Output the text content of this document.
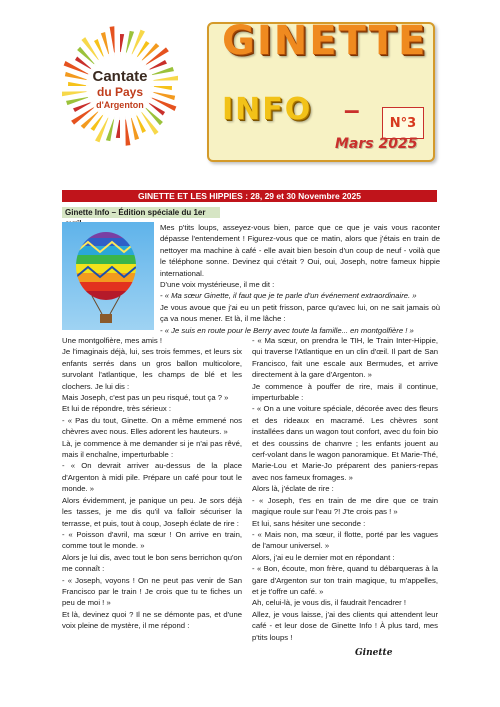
Cantate
du Pays
d'Argenton
GINETTE
INFO	–	N°3
Mars 2025
GINETTE ET LES HIPPIES : 28, 29 et 30 Novembre 2025
Ginette Info – Édition spéciale du 1er

Mes p'tits loups, asseyez-vous bien, parce que ce que je vais vous raconter dépasse l'entendement ! Figurez-vous que ce matin, alors que j'étais en train de nettoyer ma machine à café - elle avait bien besoin d'un coup de neuf - voilà que le téléphone sonne. Devinez qui c'était ? Oui, oui, Joseph, notre fameux hippie international.

D'une voix mystérieuse, il me dit :

- « Ma sœur Ginette, il faut que je te parle d'un événement extraordinaire. »

Je vous avoue que j'ai eu un petit frisson, parce qu'avec lui, on ne sait jamais où ça va nous mener. Et là, il me lâche :

- « Je suis en route pour le Berry avec toute la famille... en montgolfière ! »

Une montgolfière, mes amis !

Je l'imaginais déjà, lui, ses trois femmes, et leurs six enfants serrés dans un gros ballon multicolore, survolant l'atlantique, les champs de blé et les clochers. Je lui dis :

Mais Joseph, c'est pas un peu risqué, tout ça ? »

Et lui de répondre, très sérieux :

- « Pas du tout, Ginette. On a même emmené nos chèvres avec nous. Elles adorent les hauteurs. »

Là, je commence à me demander si je n'ai pas rêvé, mais il enchaîne, imperturbable :

- « On devrait arriver au-dessus de la place d'Argenton à midi pile. Prépare un café pour tout le monde. »

Alors évidemment, je panique un peu. Je sors déjà les tasses, je me dis qu'il va falloir sécuriser la terrasse, et puis, tout à coup, Joseph éclate de rire :

- « Poisson d'avril, ma sœur ! On arrive en train, comme tout le monde. »

Alors je lui dis, avec tout le bon sens berrichon qu'on me connaît :

- « Joseph, voyons ! On ne peut pas venir de San Francisco par le train ! Je crois que tu te fiches un peu de moi ! »

Et là, devinez quoi ? Il ne se démonte pas, et d'une voix pleine de mystère, il me répond :

- « Ma sœur, on prendra le TIH, le Train Inter-Hippie, qui traverse l'Atlantique en un clin d'œil. Il part de San Francisco, fait une escale aux Bermudes, et arrive directement à la gare d'Argenton. »

Je commence à pouffer de rire, mais il continue, imperturbable :

- « On a une voiture spéciale, décorée avec des fleurs et des rideaux en macramé. Les chèvres sont installées dans un wagon tout confort, avec du foin bio et des coussins de chanvre ; les enfants jouent au cerf-volant dans le wagon panoramique. Et Marie-Thé, Marie-Lou et Marie-Jo préparent des paniers-repas avec nos fameux fromages. »

Alors là, j'éclate de rire :

- « Joseph, t'es en train de me dire que ce train magique roule sur l'eau ?! J'te crois pas ! »

Et lui, sans hésiter une seconde :

- « Mais non, ma sœur, il flotte, porté par les vagues de l'amour universel. »

Alors, j'ai eu le dernier mot en répondant :

- « Bon, écoute, mon frère, quand tu débarqueras à la gare d'Argenton sur ton train magique, tu m'appelles, et je t'offre un café. »

Ah, celui-là, je vous dis, il faudrait l'encadrer !

Allez, je vous laisse, j'ai des clients qui attendent leur café - et leur dose de Ginette Info ! À plus tard, mes p'tits loups !

Ginette
